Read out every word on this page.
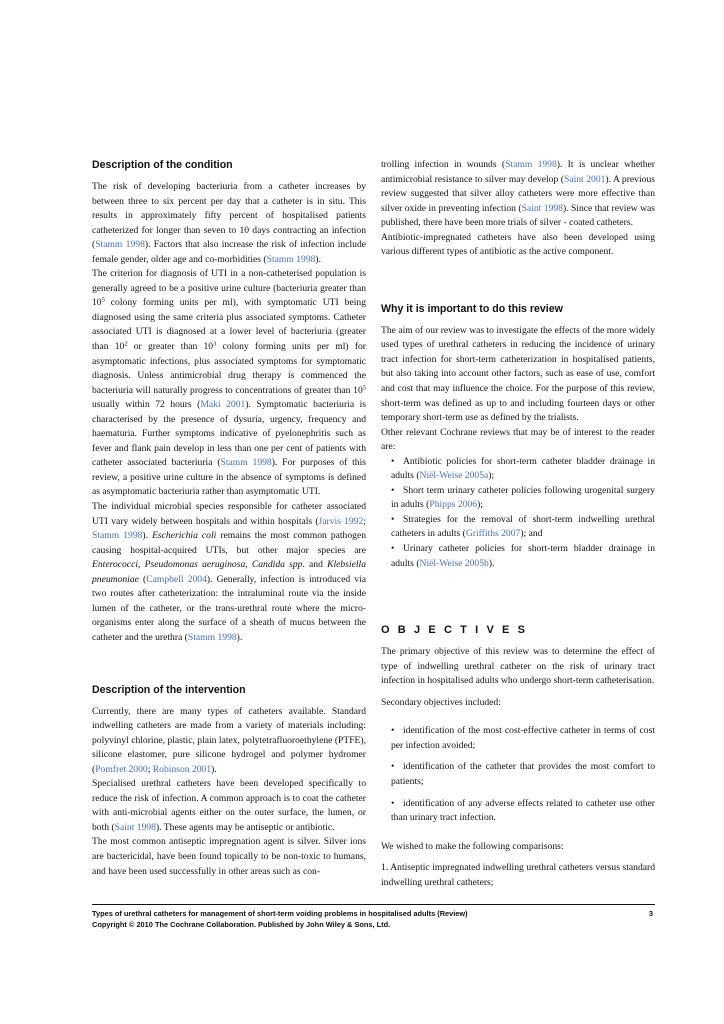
Description of the condition

The risk of developing bacteriuria from a catheter increases by between three to six percent per day that a catheter is in situ. This results in approximately fifty percent of hospitalised patients catheterized for longer than seven to 10 days contracting an infection (Stamm 1998). Factors that also increase the risk of infection include female gender, older age and co-morbidities (Stamm 1998).

The criterion for diagnosis of UTI in a non-catheterised population is generally agreed to be a positive urine culture (bacteriuria greater than $10^5$ colony forming units per ml), with symptomatic UTI being diagnosed using the same criteria plus associated symptoms. Catheter associated UTI is diagnosed at a lower level of bacteriuria (greater than $10^2$ or greater than $10^3$ colony forming units per ml) for asymptomatic infections, plus associated symptoms for symptomatic diagnosis. Unless antimicrobial drug therapy is commenced the bacteriuria will naturally progress to concentrations of greater than $10^5$ usually within 72 hours (Maki 2001). Symptomatic bacteriuria is characterised by the presence of dysuria, urgency, frequency and haematuria. Further symptoms indicative of pyelonephritis such as fever and flank pain develop in less than one per cent of patients with catheter associated bacteriuria (Stamm 1998). For purposes of this review, a positive urine culture in the absence of symptoms is defined as asymptomatic bacteriuria rather than asymptomatic UTI.

The individual microbial species responsible for catheter associated UTI vary widely between hospitals and within hospitals (Jarvis 1992; Stamm 1998). Escherichia coli remains the most common pathogen causing hospital-acquired UTIs, but other major species are Enterococci, Pseudomonas aeruginosa, Candida spp. and Klebsiella pneumoniae (Campbell 2004). Generally, infection is introduced via two routes after catheterization: the intraluminal route via the inside lumen of the catheter, or the trans-urethral route where the micro-organisms enter along the surface of a sheath of mucus between the catheter and the urethra (Stamm 1998).

Description of the intervention

Currently, there are many types of catheters available. Standard indwelling catheters are made from a variety of materials including: polyvinyl chlorine, plastic, plain latex, polytetrafluoroethylene (PTFE), silicone elastomer, pure silicone hydrogel and polymer hydromer (Pomfret 2000; Robinson 2001).

Specialised urethral catheters have been developed specifically to reduce the risk of infection. A common approach is to coat the catheter with anti-microbial agents either on the outer surface, the lumen, or both (Saint 1998). These agents may be antiseptic or antibiotic.

The most common antiseptic impregnation agent is silver. Silver ions are bactericidal, have been found topically to be non-toxic to humans, and have been used successfully in other areas such as con-

trolling infection in wounds (Stamm 1998). It is unclear whether antimicrobial resistance to silver may develop (Saint 2001). A previous review suggested that silver alloy catheters were more effective than silver oxide in preventing infection (Saint 1998). Since that review was published, there have been more trials of silver - coated catheters.

Antibiotic-impregnated catheters have also been developed using various different types of antibiotic as the active component.

Why it is important to do this review

The aim of our review was to investigate the effects of the more widely used types of urethral catheters in reducing the incidence of urinary tract infection for short-term catheterization in hospitalised patients, but also taking into account other factors, such as ease of use, comfort and cost that may influence the choice. For the purpose of this review, short-term was defined as up to and including fourteen days or other temporary short-term use as defined by the trialists.

Other relevant Cochrane reviews that may be of interest to the reader are:

• Antibiotic policies for short-term catheter bladder drainage in adults (Niël-Weise 2005a);

• Short term urinary catheter policies following urogenital surgery in adults (Phipps 2006);

• Strategies for the removal of short-term indwelling urethral catheters in adults (Griffiths 2007); and

• Urinary catheter policies for short-term bladder drainage in adults (Niël-Weise 2005b).

O B J E C T I V E S

The primary objective of this review was to determine the effect of type of indwelling urethral catheter on the risk of urinary tract infection in hospitalised adults who undergo short-term catheterisation.

Secondary objectives included:

• identification of the most cost-effective catheter in terms of cost per infection avoided;

• identification of the catheter that provides the most comfort to patients;

• identification of any adverse effects related to catheter use other than urinary tract infection.

We wished to make the following comparisons:

1. Antiseptic impregnated indwelling urethral catheters versus standard indwelling urethral catheters;

Types of urethral catheters for management of short-term voiding problems in hospitalised adults (Review)
Copyright © 2010 The Cochrane Collaboration. Published by John Wiley & Sons, Ltd.
3
